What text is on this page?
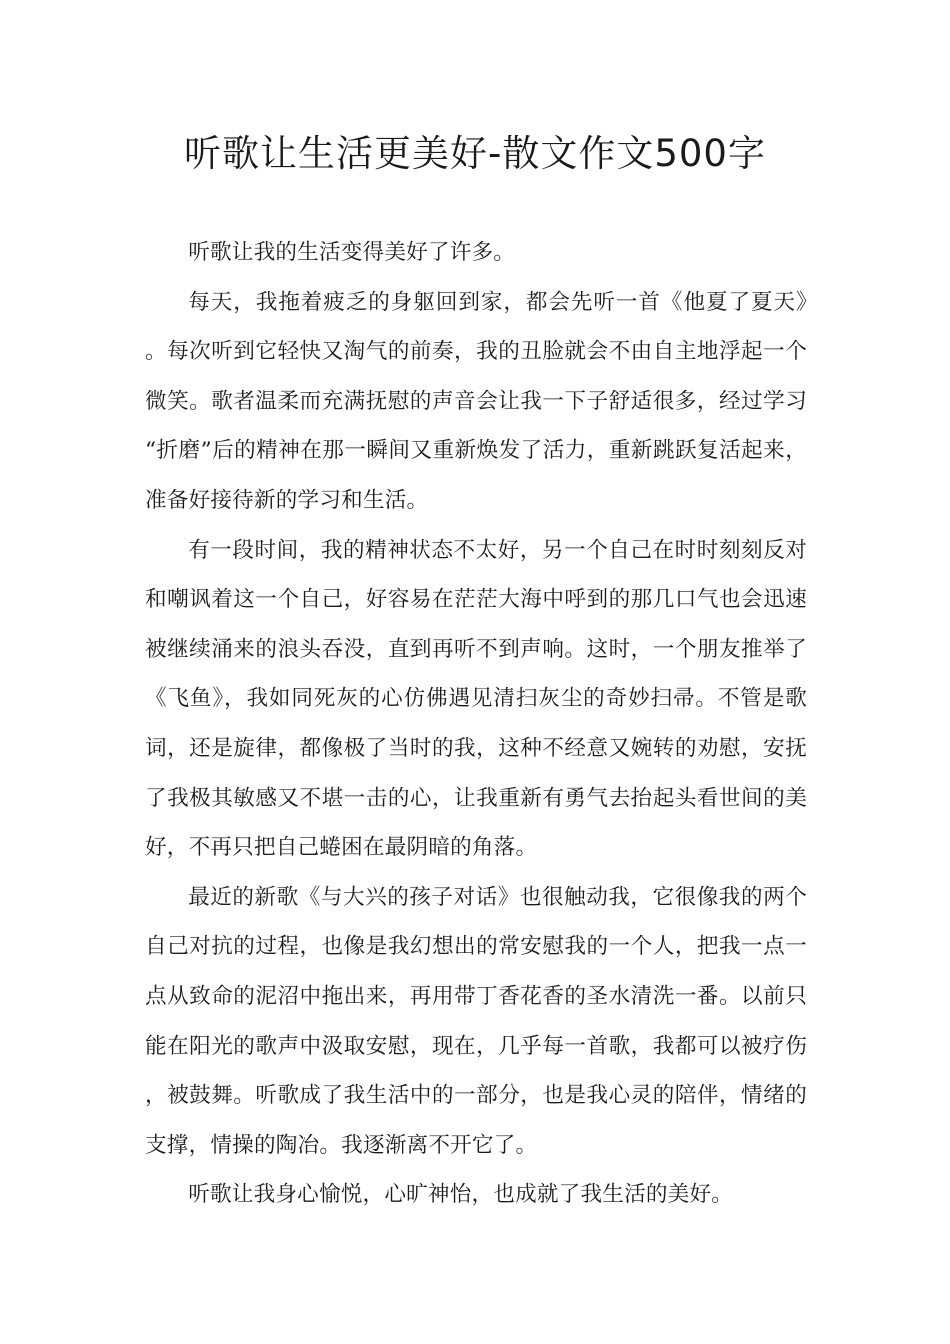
听歌让生活更美好-散文作文500字

听歌让我的生活变得美好了许多。

每天，我拖着疲乏的身躯回到家，都会先听一首《他夏了夏天》。每次听到它轻快又淘气的前奏，我的丑脸就会不由自主地浮起一个微笑。歌者温柔而充满抚慰的声音会让我一下子舒适很多，经过学习“折磨”后的精神在那一瞬间又重新焕发了活力，重新跳跃复活起来，准备好接待新的学习和生活。

有一段时间，我的精神状态不太好，另一个自己在时时刻刻反对和嘲讽着这一个自己，好容易在茫茫大海中呼到的那几口气也会迅速被继续涌来的浪头吞没，直到再听不到声响。这时，一个朋友推举了《飞鱼》，我如同死灰的心仿佛遇见清扫灰尘的奇妙扫帚。不管是歌词，还是旋律，都像极了当时的我，这种不经意又婉转的劝慰，安抚了我极其敏感又不堪一击的心，让我重新有勇气去抬起头看世间的美好，不再只把自己蜷困在最阴暗的角落。

最近的新歌《与大兴的孩子对话》也很触动我，它很像我的两个自己对抗的过程，也像是我幻想出的常安慰我的一个人，把我一点一点从致命的泥沼中拖出来，再用带丁香花香的圣水清洗一番。以前只能在阳光的歌声中汲取安慰，现在，几乎每一首歌，我都可以被疗伤，被鼓舞。听歌成了我生活中的一部分，也是我心灵的陪伴，情绪的支撑，情操的陶冶。我逐渐离不开它了。

听歌让我身心愉悦，心旷神怡，也成就了我生活的美好。
